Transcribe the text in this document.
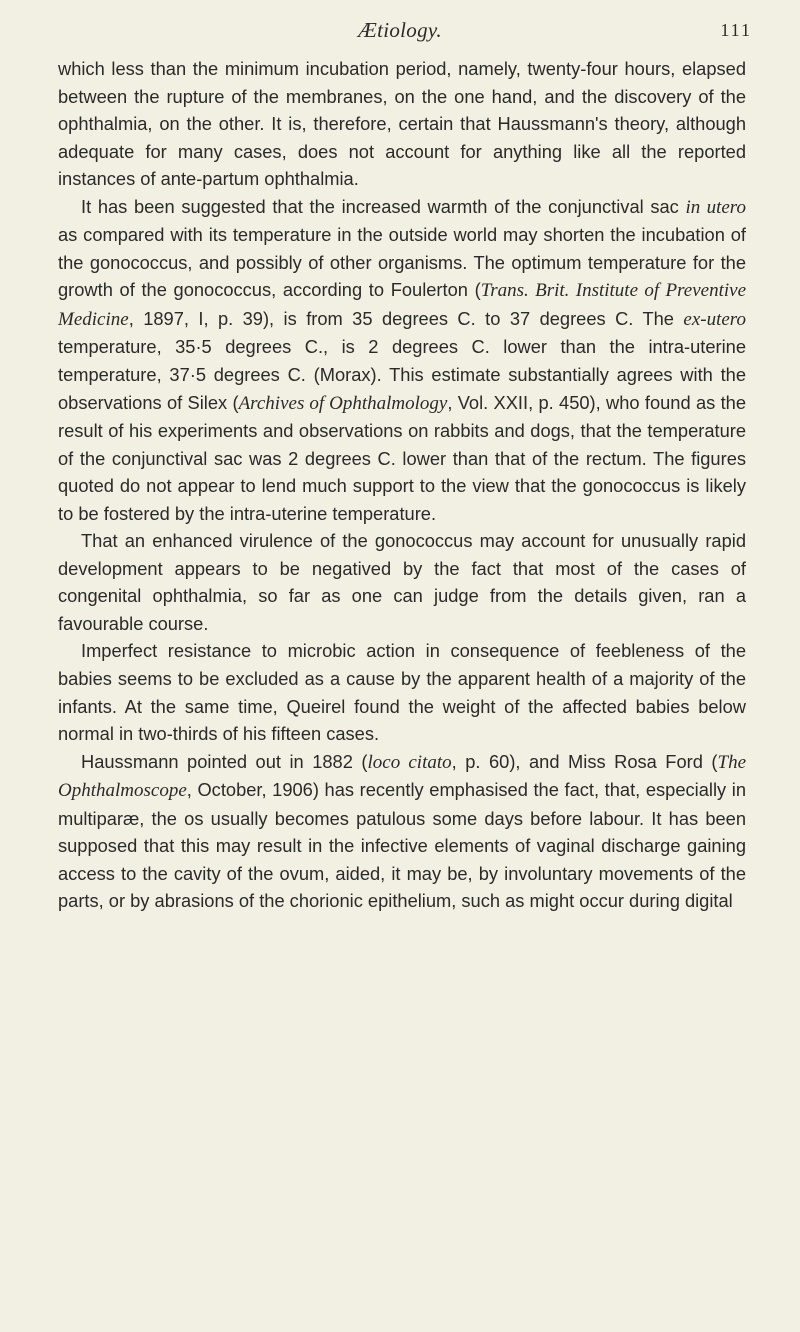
Ætiology.	111

which less than the minimum incubation period, namely, twenty-four hours, elapsed between the rupture of the membranes, on the one hand, and the discovery of the ophthalmia, on the other. It is, therefore, certain that Haussmann's theory, although adequate for many cases, does not account for anything like all the reported instances of ante-partum ophthalmia.

It has been suggested that the increased warmth of the conjunctival sac in utero as compared with its temperature in the outside world may shorten the incubation of the gonococcus, and possibly of other organisms. The optimum temperature for the growth of the gonococcus, according to Foulerton (Trans. Brit. Institute of Preventive Medicine, 1897, I, p. 39), is from 35 degrees C. to 37 degrees C. The ex-utero temperature, 35·5 degrees C., is 2 degrees C. lower than the intra-uterine temperature, 37·5 degrees C. (Morax). This estimate substantially agrees with the observations of Silex (Archives of Ophthalmology, Vol. XXII, p. 450), who found as the result of his experiments and observations on rabbits and dogs, that the temperature of the conjunctival sac was 2 degrees C. lower than that of the rectum. The figures quoted do not appear to lend much support to the view that the gonococcus is likely to be fostered by the intra-uterine temperature.

That an enhanced virulence of the gonococcus may account for unusually rapid development appears to be negatived by the fact that most of the cases of congenital ophthalmia, so far as one can judge from the details given, ran a favourable course.

Imperfect resistance to microbic action in consequence of feebleness of the babies seems to be excluded as a cause by the apparent health of a majority of the infants. At the same time, Queirel found the weight of the affected babies below normal in two-thirds of his fifteen cases.

Haussmann pointed out in 1882 (loco citato, p. 60), and Miss Rosa Ford (The Ophthalmoscope, October, 1906) has recently emphasised the fact, that, especially in multiparæ, the os usually becomes patulous some days before labour. It has been supposed that this may result in the infective elements of vaginal discharge gaining access to the cavity of the ovum, aided, it may be, by involuntary movements of the parts, or by abrasions of the chorionic epithelium, such as might occur during digital
